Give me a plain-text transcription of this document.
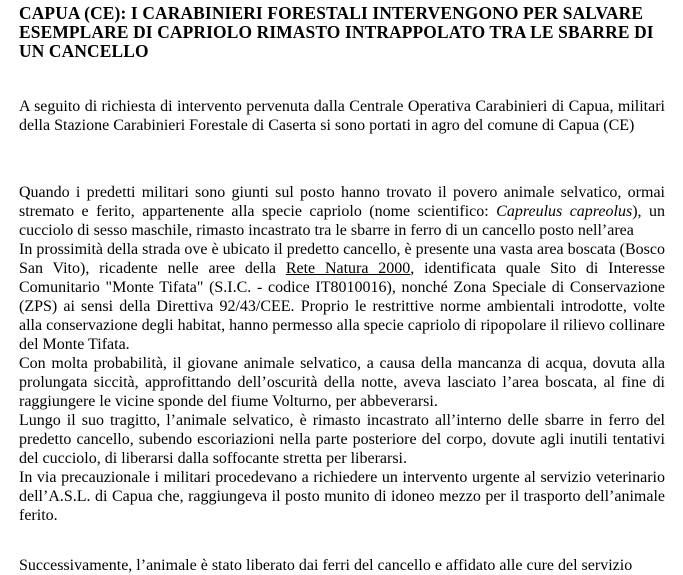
CAPUA (CE): I CARABINIERI FORESTALI INTERVENGONO PER SALVARE ESEMPLARE DI CAPRIOLO RIMASTO INTRAPPOLATO TRA LE SBARRE DI UN CANCELLO

A seguito di richiesta di intervento pervenuta dalla Centrale Operativa Carabinieri di Capua, militari della Stazione Carabinieri Forestale di Caserta si sono portati in agro del comune di Capua (CE)

Quando i predetti militari sono giunti sul posto hanno trovato il povero animale selvatico, ormai stremato e ferito, appartenente alla specie capriolo (nome scientifico: Capreulus capreolus), un cucciolo di sesso maschile, rimasto incastrato tra le sbarre in ferro di un cancello posto nell’area

In prossimità della strada ove è ubicato il predetto cancello, è presente una vasta area boscata (Bosco San Vito), ricadente nelle aree della Rete Natura 2000, identificata quale Sito di Interesse Comunitario "Monte Tifata" (S.I.C. - codice IT8010016), nonché Zona Speciale di Conservazione (ZPS) ai sensi della Direttiva 92/43/CEE. Proprio le restrittive norme ambientali introdotte, volte alla conservazione degli habitat, hanno permesso alla specie capriolo di ripopolare il rilievo collinare del Monte Tifata.

Con molta probabilità, il giovane animale selvatico, a causa della mancanza di acqua, dovuta alla prolungata siccità, approfittando dell’oscurità della notte, aveva lasciato l’area boscata, al fine di raggiungere le vicine sponde del fiume Volturno, per abbeverarsi.

Lungo il suo tragitto, l’animale selvatico, è rimasto incastrato all’interno delle sbarre in ferro del predetto cancello, subendo escoriazioni nella parte posteriore del corpo, dovute agli inutili tentativi del cucciolo, di liberarsi dalla soffocante stretta per liberarsi.

In via precauzionale i militari procedevano a richiedere un intervento urgente al servizio veterinario dell’A.S.L. di Capua che, raggiungeva il posto munito di idoneo mezzo per il trasporto dell’animale ferito.

Successivamente, l’animale è stato liberato dai ferri del cancello e affidato alle cure del servizio
